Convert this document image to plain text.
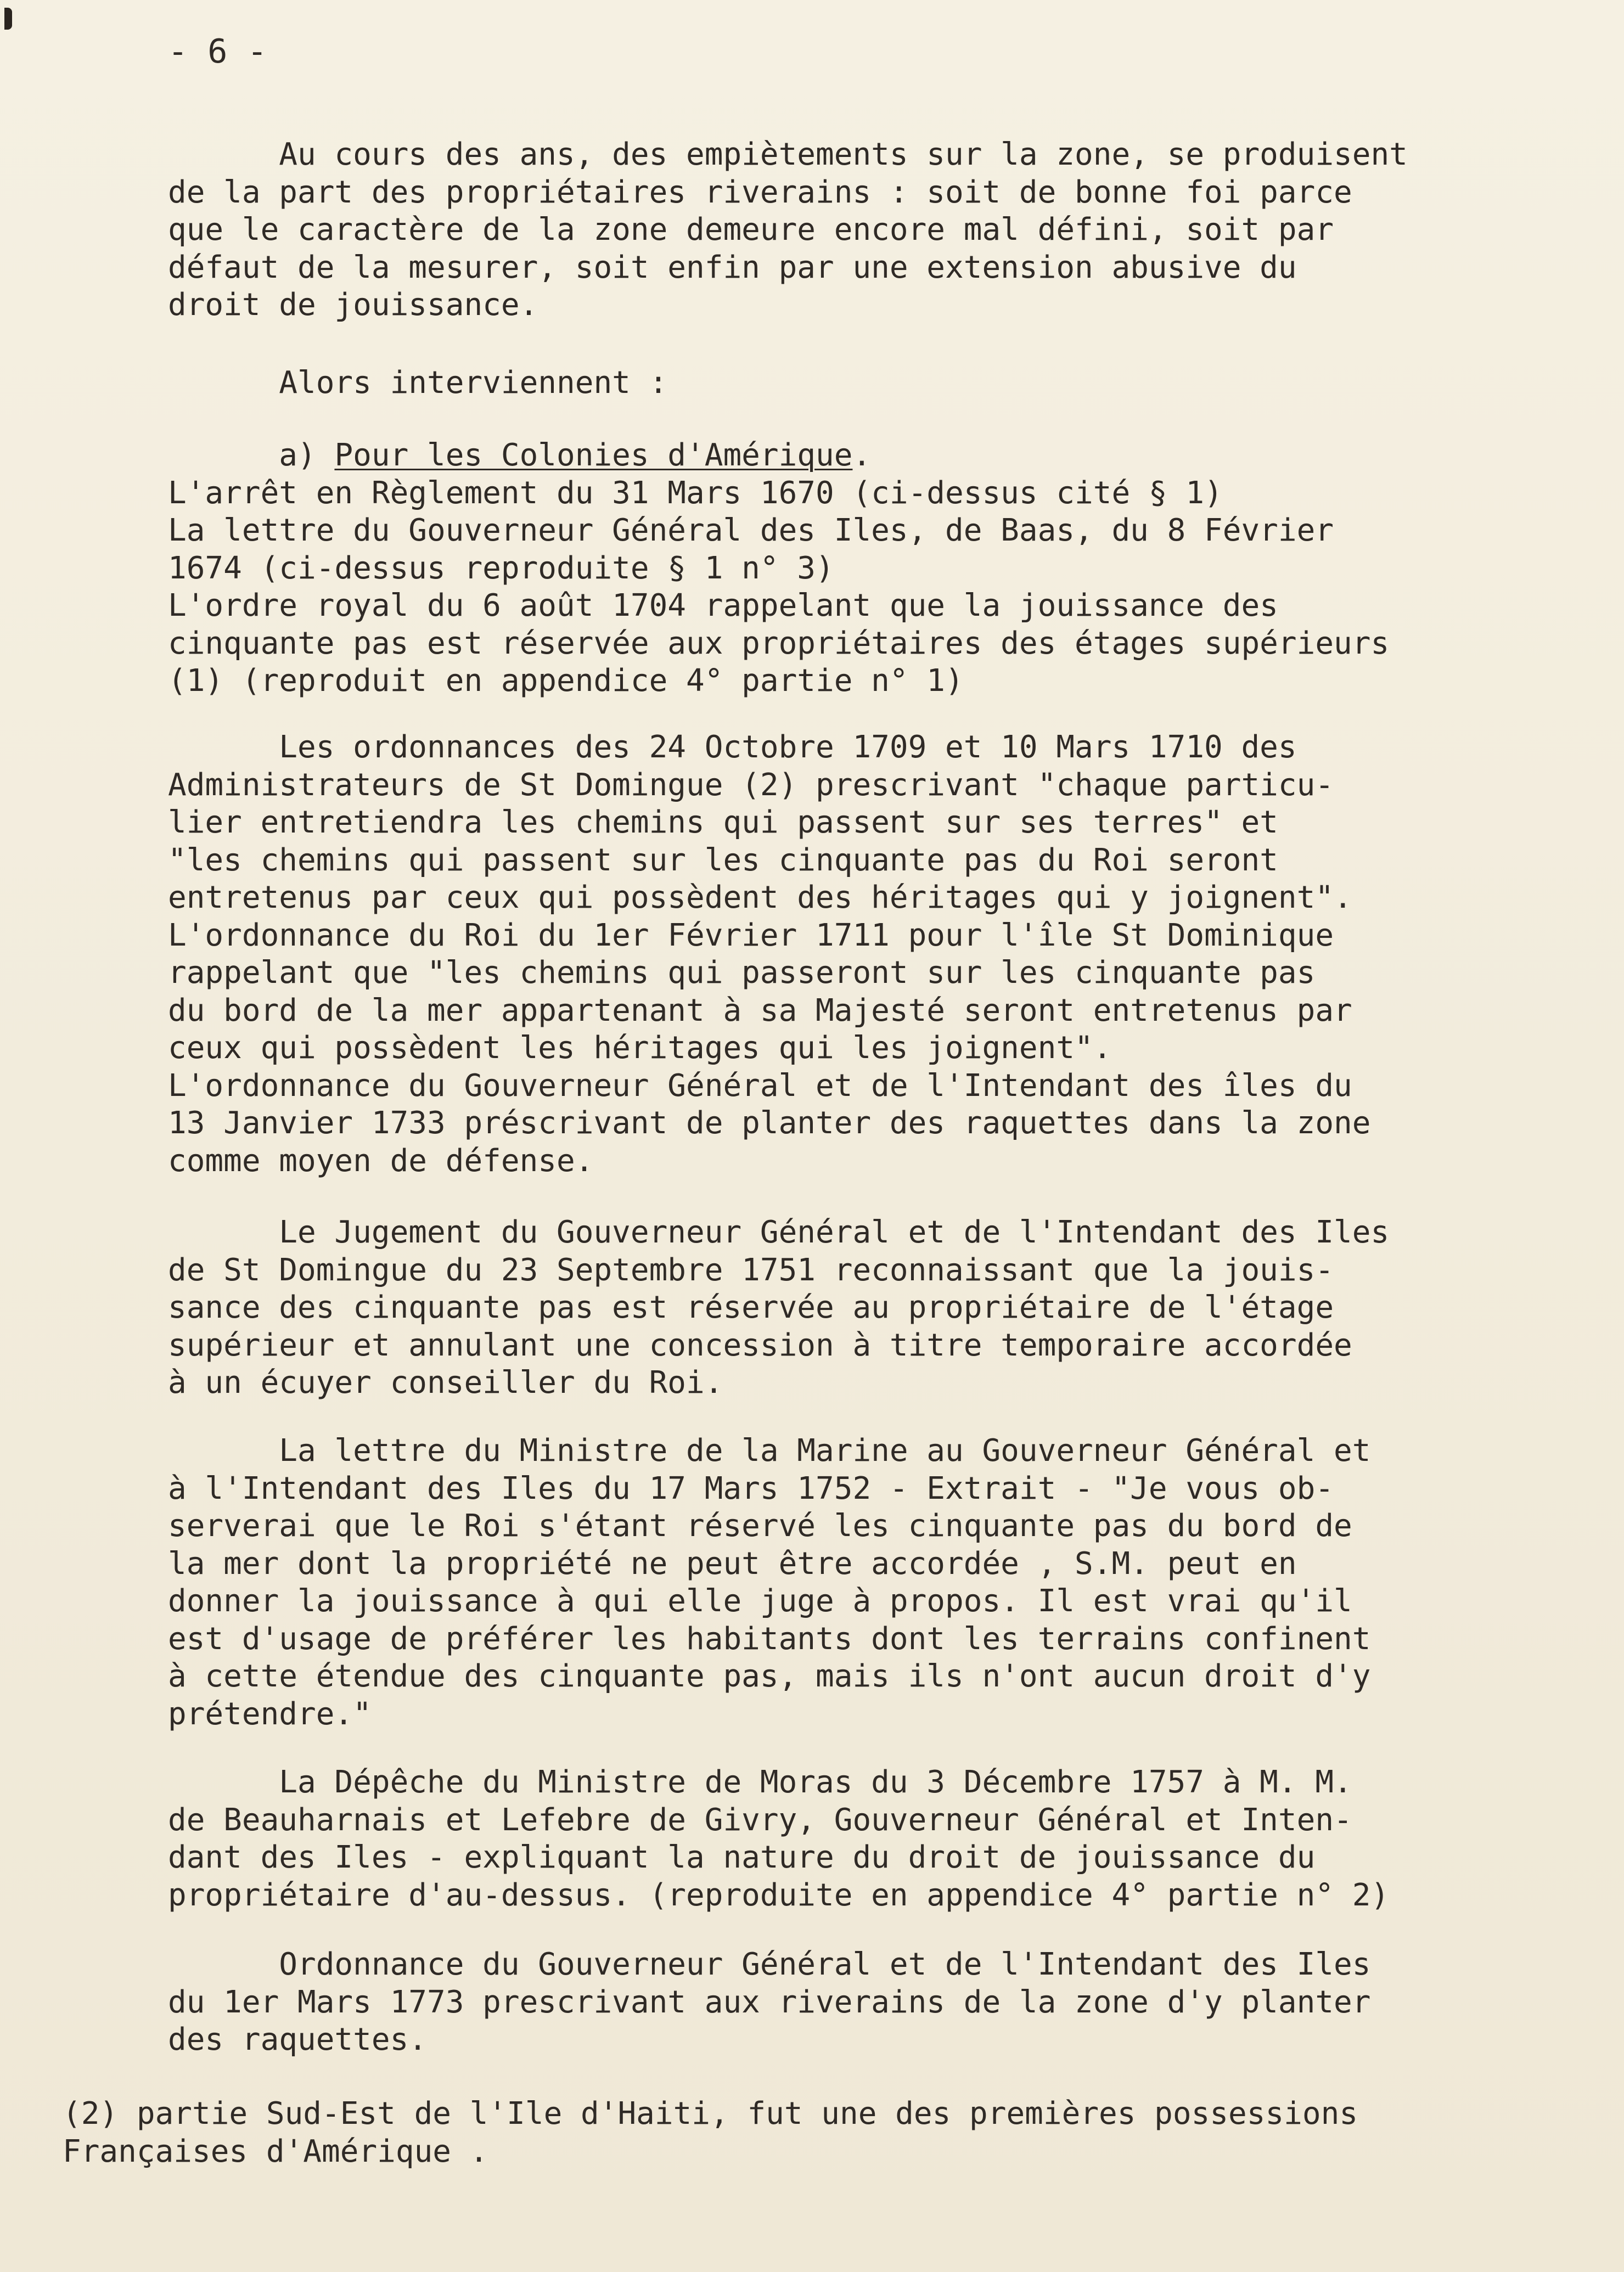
- 6 -
Au cours des ans, des empiètements sur la zone, se produisent
de la part des propriétaires riverains : soit de bonne foi parce
que le caractère de la zone demeure encore mal défini, soit par
défaut de la mesurer, soit enfin par une extension abusive du
droit de jouissance.
Alors interviennent :
a) Pour les Colonies d'Amérique.
L'arrêt en Règlement du 31 Mars 1670 (ci-dessus cité § 1)
La lettre du Gouverneur Général des Iles, de Baas, du 8 Février
1674 (ci-dessus reproduite § 1 n° 3)
L'ordre royal du 6 août 1704 rappelant que la jouissance des
cinquante pas est réservée aux propriétaires des étages supérieurs
(1) (reproduit en appendice 4° partie n° 1)
Les ordonnances des 24 Octobre 1709 et 10 Mars 1710 des
Administrateurs de St Domingue (2) prescrivant "chaque particu-
lier entretiendra les chemins qui passent sur ses terres" et
"les chemins qui passent sur les cinquante pas du Roi seront
entretenus par ceux qui possèdent des héritages qui y joignent".
L'ordonnance du Roi du 1er Février 1711 pour l'île St Dominique
rappelant que "les chemins qui passeront sur les cinquante pas
du bord de la mer appartenant à sa Majesté seront entretenus par
ceux qui possèdent les héritages qui les joignent".
L'ordonnance du Gouverneur Général et de l'Intendant des îles du
13 Janvier 1733 préscrivant de planter des raquettes dans la zone
comme moyen de défense.
Le Jugement du Gouverneur Général et de l'Intendant des Iles
de St Domingue du 23 Septembre 1751 reconnaissant que la jouis-
sance des cinquante pas est réservée au propriétaire de l'étage
supérieur et annulant une concession à titre temporaire accordée
à un écuyer conseiller du Roi.
La lettre du Ministre de la Marine au Gouverneur Général et
à l'Intendant des Iles du 17 Mars 1752 - Extrait - "Je vous ob-
serverai que le Roi s'étant réservé les cinquante pas du bord de
la mer dont la propriété ne peut être accordée , S.M. peut en
donner la jouissance à qui elle juge à propos. Il est vrai qu'il
est d'usage de préférer les habitants dont les terrains confinent
à cette étendue des cinquante pas, mais ils n'ont aucun droit d'y
prétendre."
La Dépêche du Ministre de Moras du 3 Décembre 1757 à M. M.
de Beauharnais et Lefebre de Givry, Gouverneur Général et Inten-
dant des Iles - expliquant la nature du droit de jouissance du
propriétaire d'au-dessus. (reproduite en appendice 4° partie n° 2)
Ordonnance du Gouverneur Général et de l'Intendant des Iles
du 1er Mars 1773 prescrivant aux riverains de la zone d'y planter
des raquettes.
(2) partie Sud-Est de l'Ile d'Haiti, fut une des premières possessions
Françaises d'Amérique .
